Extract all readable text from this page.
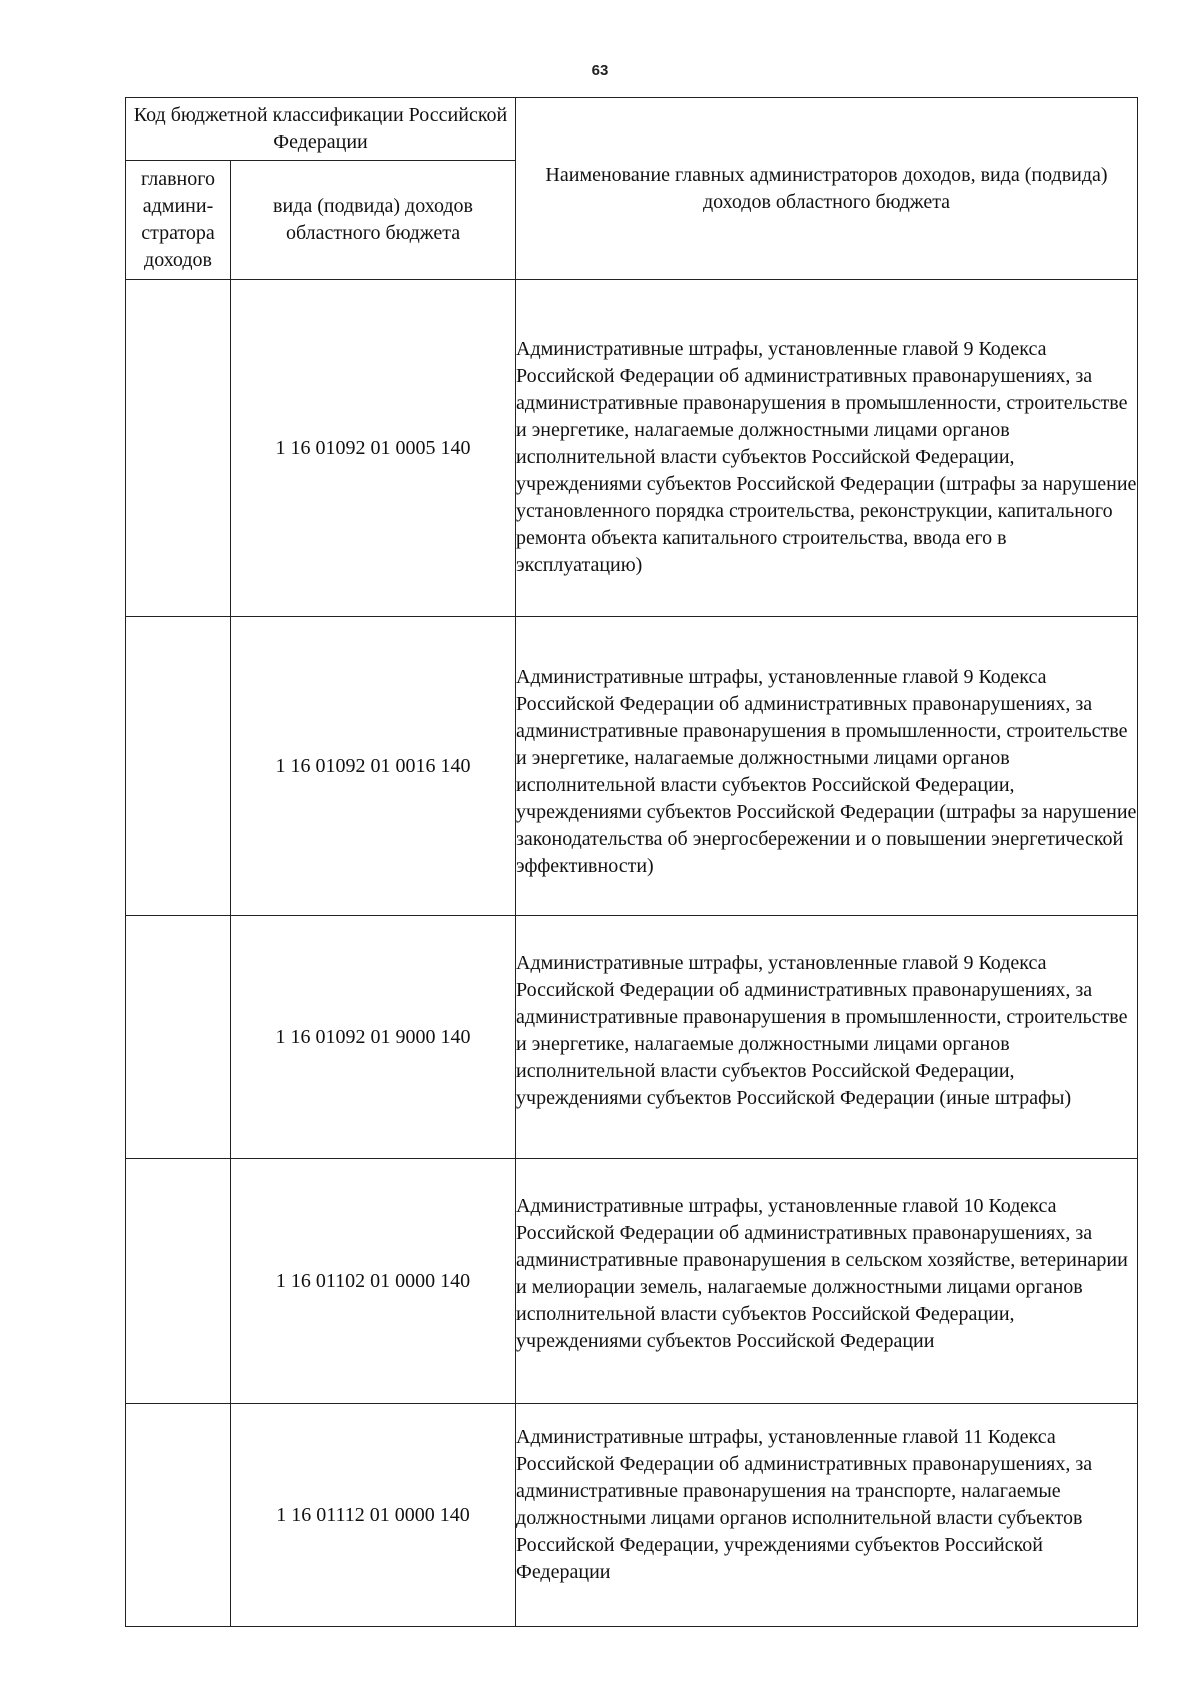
63
Код бюджетной классификации Российской Федерации		Наименование главных администраторов доходов, вида (подвида) доходов областного бюджета
главного
админи-
стратора
доходов	вида (подвида) доходов областного бюджета	
	1 16 01092 01 0005 140	Административные штрафы, установленные главой 9 Кодекса Российской Федерации об административных правонарушениях, за административные правонарушения в промышленности, строительстве и энергетике, налагаемые должностными лицами органов исполнительной власти субъектов Российской Федерации, учреждениями субъектов Российской Федерации (штрафы за нарушение установленного порядка строительства, реконструкции, капитального ремонта объекта капитального строительства, ввода его в эксплуатацию)
	1 16 01092 01 0016 140	Административные штрафы, установленные главой 9 Кодекса Российской Федерации об административных правонарушениях, за административные правонарушения в промышленности, строительстве и энергетике, налагаемые должностными лицами органов исполнительной власти субъектов Российской Федерации, учреждениями субъектов Российской Федерации (штрафы за нарушение законодательства об энергосбережении и о повышении энергетической эффективности)
	1 16 01092 01 9000 140	Административные штрафы, установленные главой 9 Кодекса Российской Федерации об административных правонарушениях, за административные правонарушения в промышленности, строительстве и энергетике, налагаемые должностными лицами органов исполнительной власти субъектов Российской Федерации, учреждениями субъектов Российской Федерации (иные штрафы)
	1 16 01102 01 0000 140	Административные штрафы, установленные главой 10 Кодекса Российской Федерации об административных правонарушениях, за административные правонарушения в сельском хозяйстве, ветеринарии и мелиорации земель, налагаемые должностными лицами органов исполнительной власти субъектов Российской Федерации, учреждениями субъектов Российской Федерации
	1 16 01112 01 0000 140	Административные штрафы, установленные главой 11 Кодекса Российской Федерации об административных правонарушениях, за административные правонарушения на транспорте, налагаемые должностными лицами органов исполнительной власти субъектов Российской Федерации, учреждениями субъектов Российской Федерации
